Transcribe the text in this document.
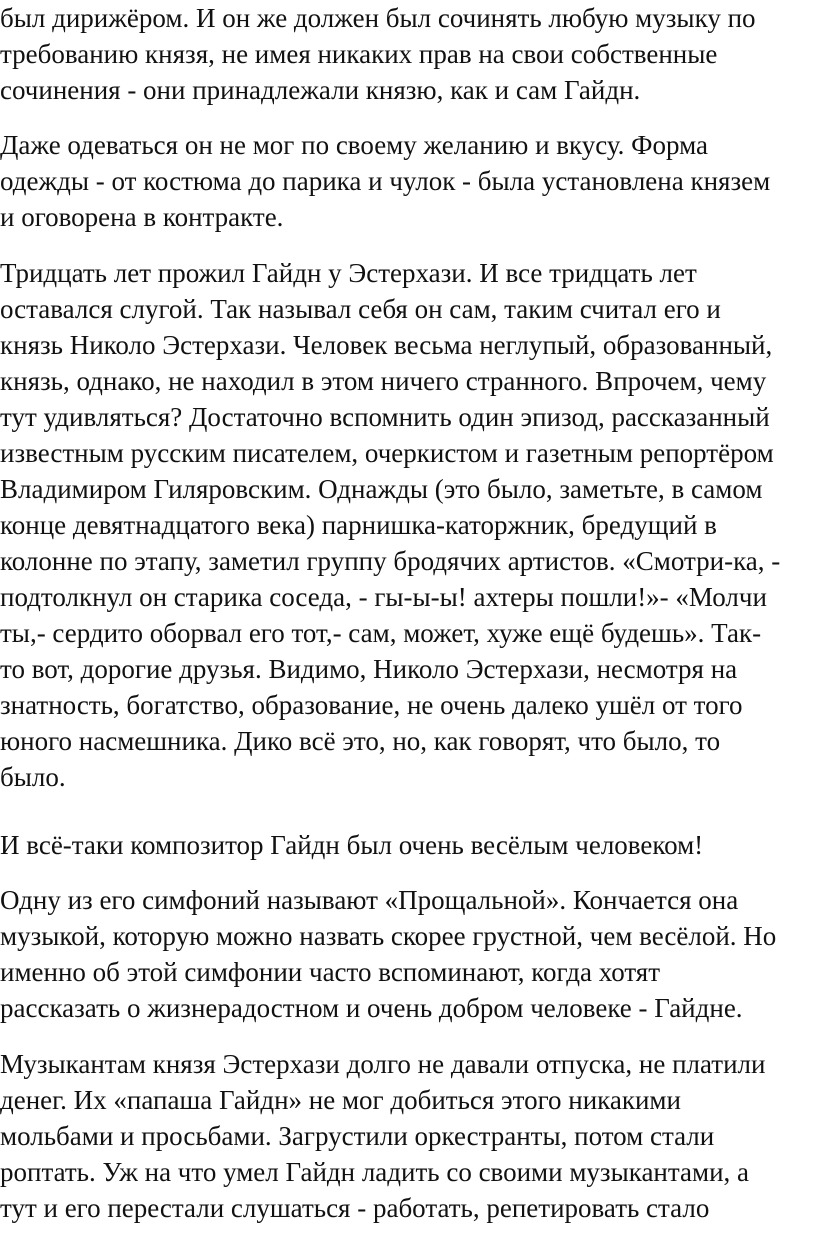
был дирижёром. И он же должен был сочинять любую музыку по
требованию князя, не имея никаких прав на свои собственные
сочинения - они принадлежали князю, как и сам Гайдн.

Даже одеваться он не мог по своему желанию и вкусу. Форма
одежды - от костюма до парика и чулок - была установлена князем
и оговорена в контракте.

Тридцать лет прожил Гайдн у Эстерхази. И все тридцать лет
оставался слугой. Так называл себя он сам, таким считал его и
князь Николо Эстерхази. Человек весьма неглупый, образованный,
князь, однако, не находил в этом ничего странного. Впрочем, чему
тут удивляться? Достаточно вспомнить один эпизод, рассказанный
известным русским писателем, очеркистом и газетным репортёром
Владимиром Гиляровским. Однажды (это было, заметьте, в самом
конце девятнадцатого века) парнишка-каторжник, бредущий в
колонне по этапу, заметил группу бродячих артистов. «Смотри-ка, -
подтолкнул он старика соседа, - гы-ы-ы! ахтеры пошли!»- «Молчи
ты,- сердито оборвал его тот,- сам, может, хуже ещё будешь». Так-
то вот, дорогие друзья. Видимо, Николо Эстерхази, несмотря на
знатность, богатство, образование, не очень далеко ушёл от того
юного насмешника. Дико всё это, но, как говорят, что было, то
было.

И всё-таки композитор Гайдн был очень весёлым человеком!

Одну из его симфоний называют «Прощальной». Кончается она
музыкой, которую можно назвать скорее грустной, чем весёлой. Но
именно об этой симфонии часто вспоминают, когда хотят
рассказать о жизнерадостном и очень добром человеке - Гайдне.

Музыкантам князя Эстерхази долго не давали отпуска, не платили
денег. Их «папаша Гайдн» не мог добиться этого никакими
мольбами и просьбами. Загрустили оркестранты, потом стали
роптать. Уж на что умел Гайдн ладить со своими музыкантами, а
тут и его перестали слушаться - работать, репетировать стало
